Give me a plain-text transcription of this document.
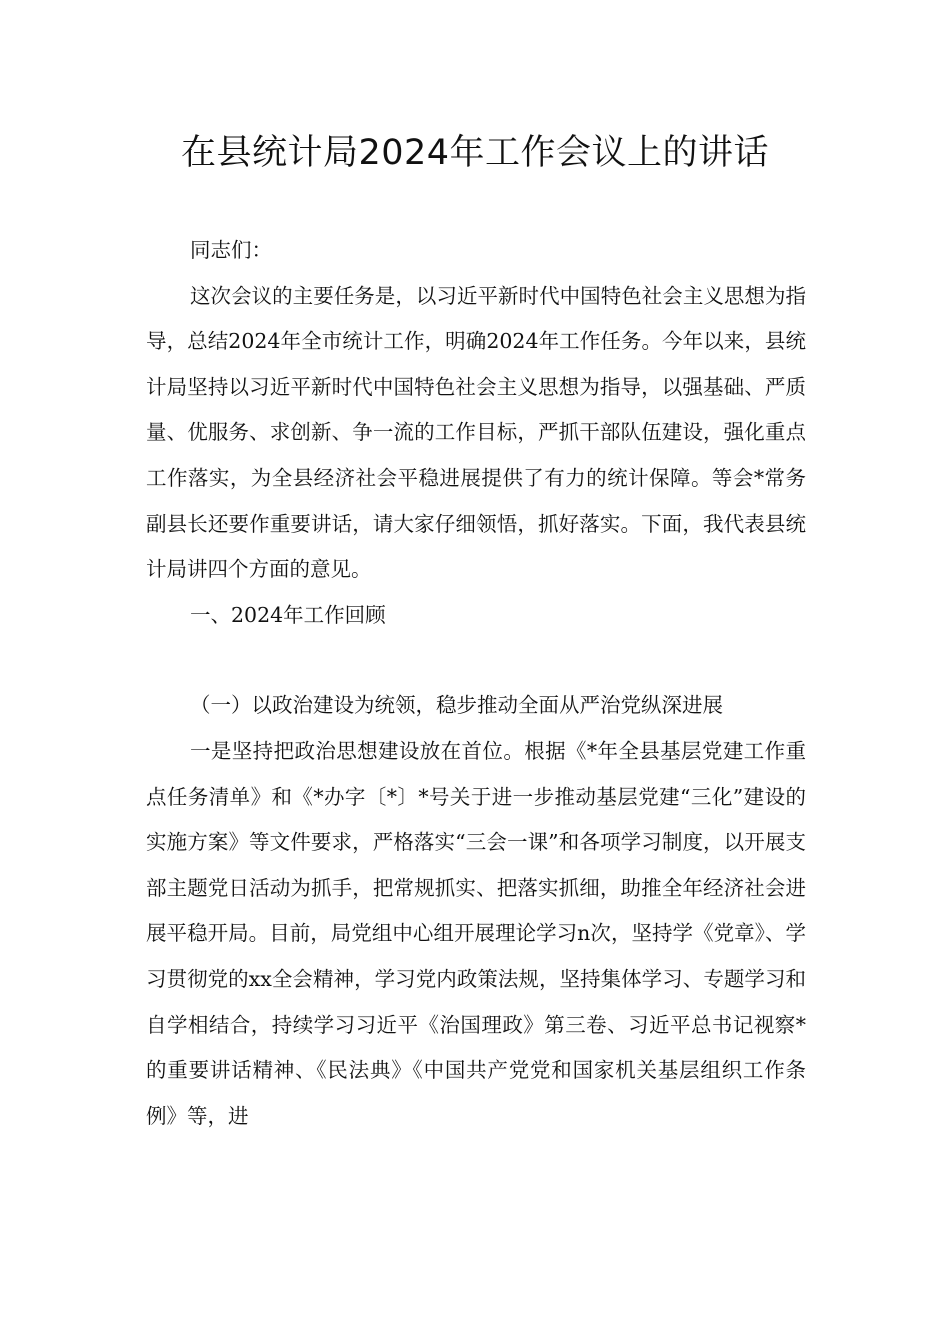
在县统计局2024年工作会议上的讲话

同志们：

这次会议的主要任务是，以习近平新时代中国特色社会主义思想为指导，总结2024年全市统计工作，明确2024年工作任务。今年以来，县统计局坚持以习近平新时代中国特色社会主义思想为指导，以强基础、严质量、优服务、求创新、争一流的工作目标，严抓干部队伍建设，强化重点工作落实，为全县经济社会平稳进展提供了有力的统计保障。等会*常务副县长还要作重要讲话，请大家仔细领悟，抓好落实。下面，我代表县统计局讲四个方面的意见。

一、2024年工作回顾

（一）以政治建设为统领，稳步推动全面从严治党纵深进展

一是坚持把政治思想建设放在首位。根据《*年全县基层党建工作重点任务清单》和《*办字〔*〕*号关于进一步推动基层党建“三化”建设的实施方案》等文件要求，严格落实“三会一课”和各项学习制度，以开展支部主题党日活动为抓手，把常规抓实、把落实抓细，助推全年经济社会进展平稳开局。目前，局党组中心组开展理论学习n次，坚持学《党章》、学习贯彻党的xx全会精神，学习党内政策法规，坚持集体学习、专题学习和自学相结合，持续学习习近平《治国理政》第三卷、习近平总书记视察*的重要讲话精神、《民法典》《中国共产党党和国家机关基层组织工作条例》等，进
